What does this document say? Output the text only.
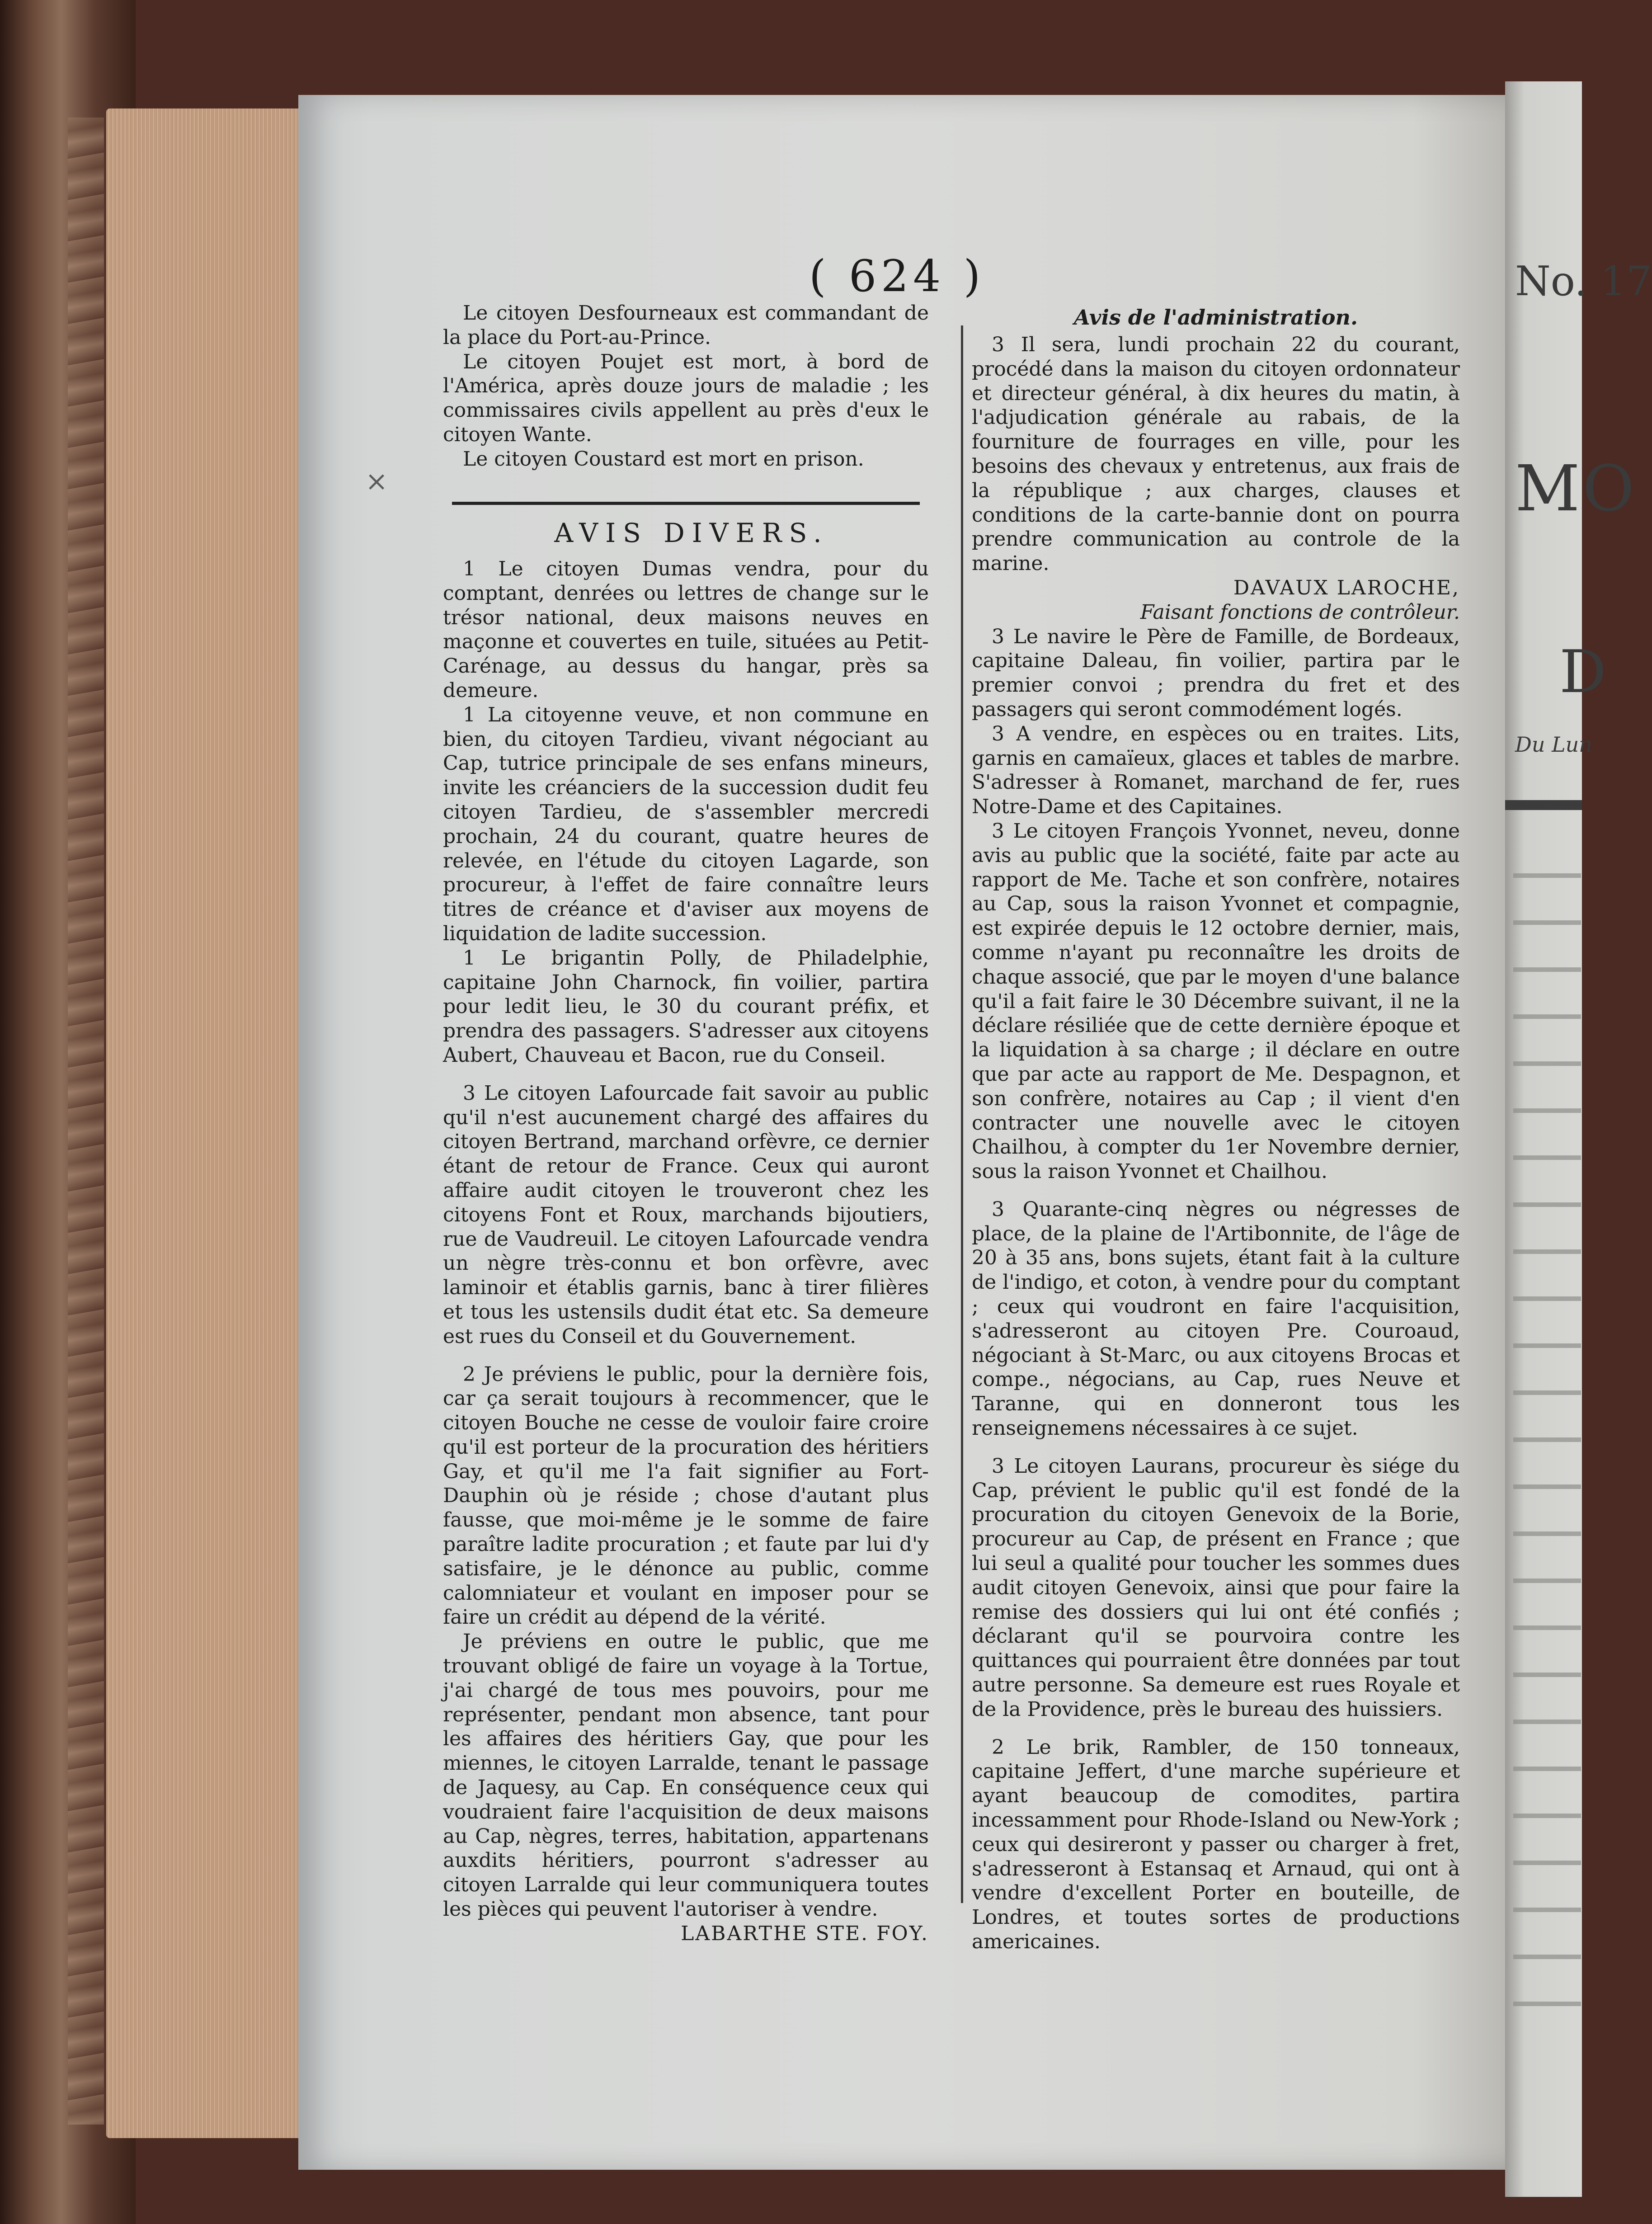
No. 17
MO
D
Du Lun
( 624 )
×

Le citoyen Desfourneaux est commandant de la place du Port-au-Prince.

Le citoyen Poujet est mort, à bord de l'América, après douze jours de maladie ; les commissaires civils appellent au près d'eux le citoyen Wante.

Le citoyen Coustard est mort en prison.

AVIS DIVERS.

1 Le citoyen Dumas vendra, pour du comptant, denrées ou lettres de change sur le trésor national, deux maisons neuves en maçonne et couvertes en tuile, situées au Petit-Carénage, au dessus du hangar, près sa demeure.

1 La citoyenne veuve, et non commune en bien, du citoyen Tardieu, vivant négociant au Cap, tutrice principale de ses enfans mineurs, invite les créanciers de la succession dudit feu citoyen Tardieu, de s'assembler mercredi prochain, 24 du courant, quatre heures de relevée, en l'étude du citoyen Lagarde, son procureur, à l'effet de faire connaître leurs titres de créance et d'aviser aux moyens de liquidation de ladite succession.

1 Le brigantin Polly, de Philadelphie, capitaine John Charnock, fin voilier, partira pour ledit lieu, le 30 du courant préfix, et prendra des passagers. S'adresser aux citoyens Aubert, Chauveau et Bacon, rue du Conseil.

3 Le citoyen Lafourcade fait savoir au public qu'il n'est aucunement chargé des affaires du citoyen Bertrand, marchand orfèvre, ce dernier étant de retour de France. Ceux qui auront affaire audit citoyen le trouveront chez les citoyens Font et Roux, marchands bijoutiers, rue de Vaudreuil. Le citoyen Lafourcade vendra un nègre très-connu et bon orfèvre, avec laminoir et établis garnis, banc à tirer filières et tous les ustensils dudit état etc. Sa demeure est rues du Conseil et du Gouvernement.

2 Je préviens le public, pour la dernière fois, car ça serait toujours à recommencer, que le citoyen Bouche ne cesse de vouloir faire croire qu'il est porteur de la procuration des héritiers Gay, et qu'il me l'a fait signifier au Fort-Dauphin où je réside ; chose d'autant plus fausse, que moi-même je le somme de faire paraître ladite procuration ; et faute par lui d'y satisfaire, je le dénonce au public, comme calomniateur et voulant en imposer pour se faire un crédit au dépend de la vérité.

Je préviens en outre le public, que me trouvant obligé de faire un voyage à la Tortue, j'ai chargé de tous mes pouvoirs, pour me représenter, pendant mon absence, tant pour les affaires des héritiers Gay, que pour les miennes, le citoyen Larralde, tenant le passage de Jaquesy, au Cap. En conséquence ceux qui voudraient faire l'acquisition de deux maisons au Cap, nègres, terres, habitation, appartenans auxdits héritiers, pourront s'adresser au citoyen Larralde qui leur communiquera toutes les pièces qui peuvent l'autoriser à vendre.

LABARTHE STE. FOY.

Avis de l'administration.

3 Il sera, lundi prochain 22 du courant, procédé dans la maison du citoyen ordonnateur et directeur général, à dix heures du matin, à l'adjudication générale au rabais, de la fourniture de fourrages en ville, pour les besoins des chevaux y entretenus, aux frais de la république ; aux charges, clauses et conditions de la carte-bannie dont on pourra prendre communication au controle de la marine.

DAVAUX LAROCHE,

Faisant fonctions de contrôleur.

3 Le navire le Père de Famille, de Bordeaux, capitaine Daleau, fin voilier, partira par le premier convoi ; prendra du fret et des passagers qui seront commodément logés.

3 A vendre, en espèces ou en traites. Lits, garnis en camaïeux, glaces et tables de marbre. S'adresser à Romanet, marchand de fer, rues Notre-Dame et des Capitaines.

3 Le citoyen François Yvonnet, neveu, donne avis au public que la société, faite par acte au rapport de Me. Tache et son confrère, notaires au Cap, sous la raison Yvonnet et compagnie, est expirée depuis le 12 octobre dernier, mais, comme n'ayant pu reconnaître les droits de chaque associé, que par le moyen d'une balance qu'il a fait faire le 30 Décembre suivant, il ne la déclare résiliée que de cette dernière époque et la liquidation à sa charge ; il déclare en outre que par acte au rapport de Me. Despagnon, et son confrère, notaires au Cap ; il vient d'en contracter une nouvelle avec le citoyen Chailhou, à compter du 1er Novembre dernier, sous la raison Yvonnet et Chailhou.

3 Quarante-cinq nègres ou négresses de place, de la plaine de l'Artibonnite, de l'âge de 20 à 35 ans, bons sujets, étant fait à la culture de l'indigo, et coton, à vendre pour du comptant ; ceux qui voudront en faire l'acquisition, s'adresseront au citoyen Pre. Couroaud, négociant à St-Marc, ou aux citoyens Brocas et compe., négocians, au Cap, rues Neuve et Taranne, qui en donneront tous les renseignemens nécessaires à ce sujet.

3 Le citoyen Laurans, procureur ès siége du Cap, prévient le public qu'il est fondé de la procuration du citoyen Genevoix de la Borie, procureur au Cap, de présent en France ; que lui seul a qualité pour toucher les sommes dues audit citoyen Genevoix, ainsi que pour faire la remise des dossiers qui lui ont été confiés ; déclarant qu'il se pourvoira contre les quittances qui pourraient être données par tout autre personne. Sa demeure est rues Royale et de la Providence, près le bureau des huissiers.

2 Le brik, Rambler, de 150 tonneaux, capitaine Jeffert, d'une marche supérieure et ayant beaucoup de comodites, partira incessamment pour Rhode-Island ou New-York ; ceux qui desireront y passer ou charger à fret, s'adresseront à Estansaq et Arnaud, qui ont à vendre d'excellent Porter en bouteille, de Londres, et toutes sortes de productions americaines.
